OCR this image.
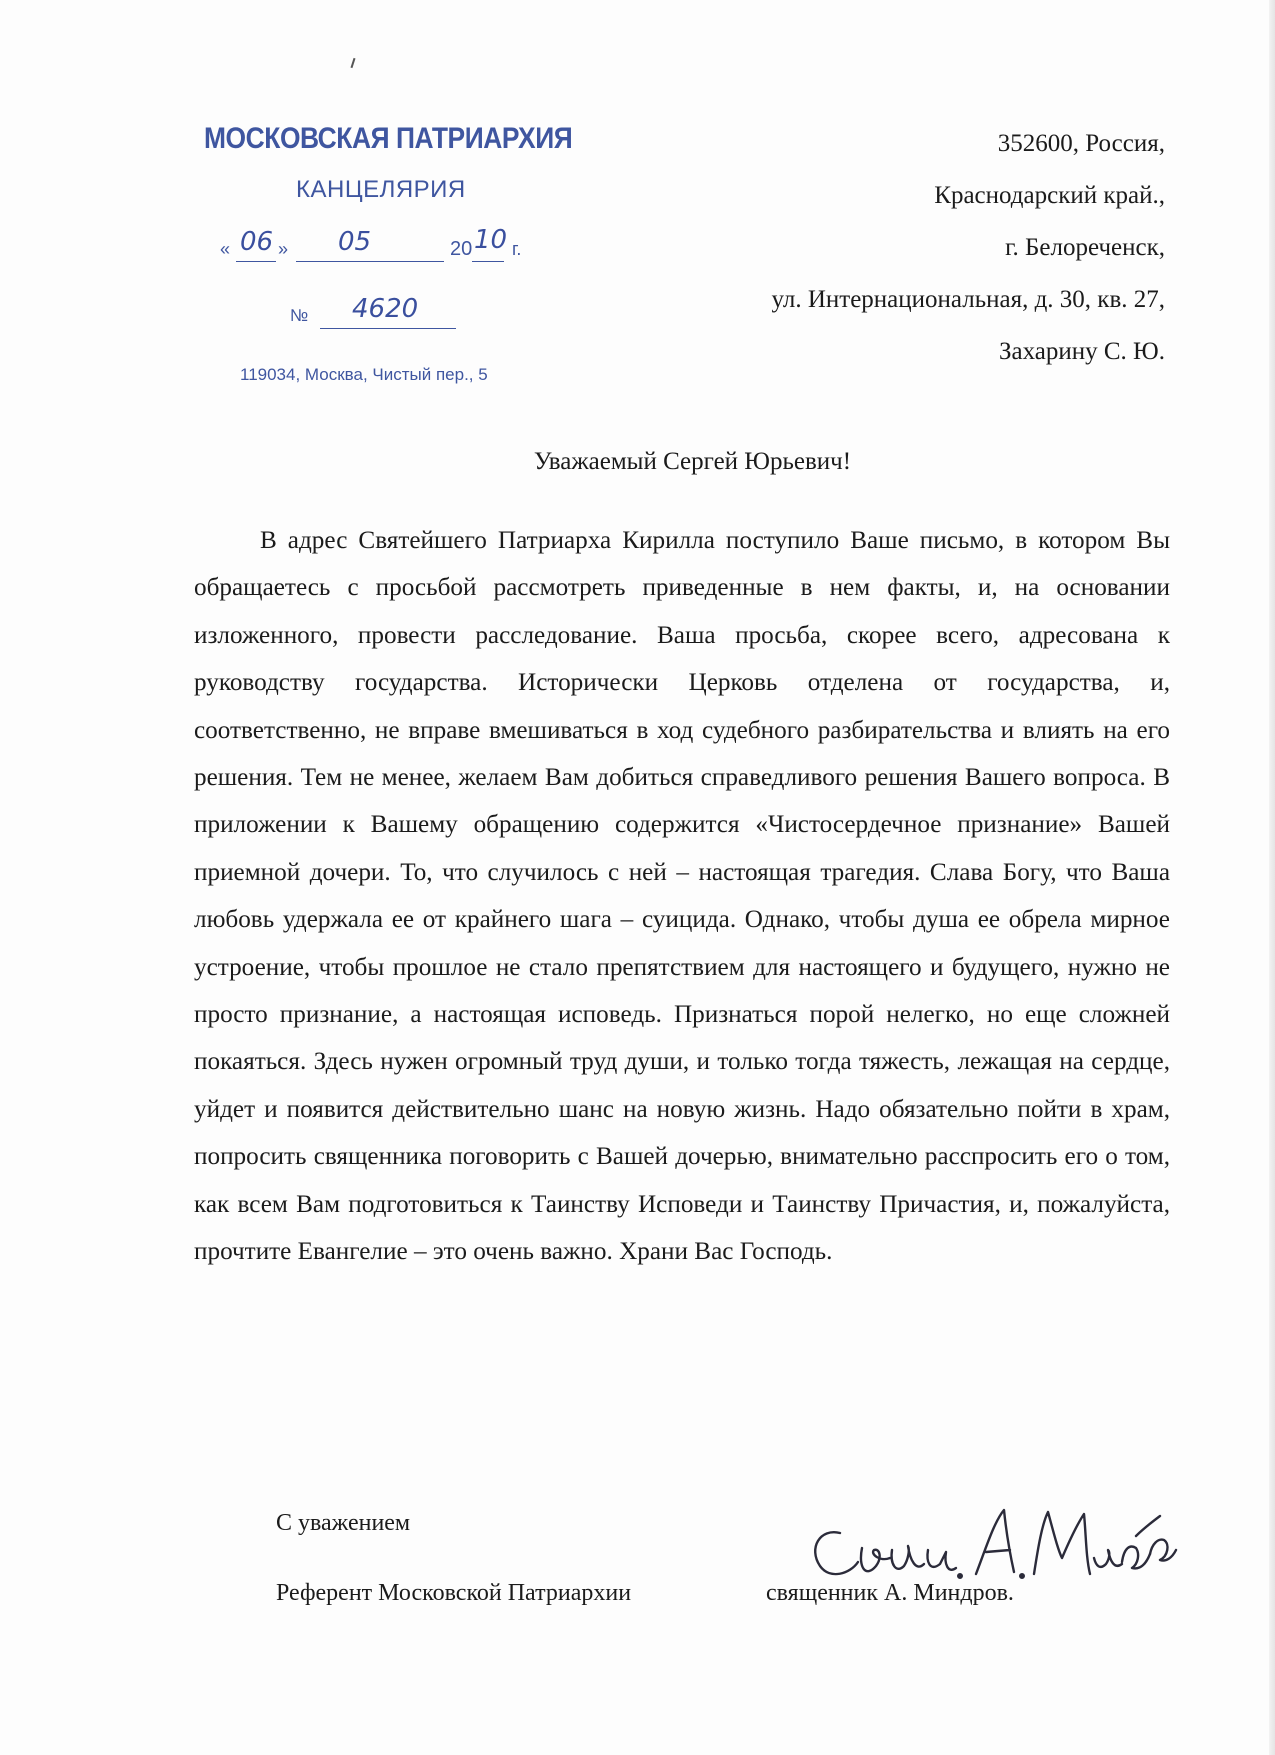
МОСКОВСКАЯ ПАТРИАРХИЯ
КАНЦЕЛЯРИЯ
« 06 » 05	20 10 г.
№ 4620
119034, Москва, Чистый пер., 5
352600, Россия,
Краснодарский край.,
г. Белореченск,
ул. Интернациональная, д. 30, кв. 27,
Захарину С. Ю.
Уважаемый Сергей Юрьевич!

В адрес Святейшего Патриарха Кирилла поступило Ваше письмо, в котором Вы обращаетесь с просьбой рассмотреть приведенные в нем факты, и, на основании изложенного, провести расследование. Ваша просьба, скорее всего, адресована к руководству государства. Исторически Церковь отделена от государства, и, соответственно, не вправе вмешиваться в ход судебного разбирательства и влиять на его решения. Тем не менее, желаем Вам добиться справедливого решения Вашего вопроса. В приложении к Вашему обращению содержится «Чистосердечное признание» Вашей приемной дочери. То, что случилось с ней – настоящая трагедия. Слава Богу, что Ваша любовь удержала ее от крайнего шага – суицида. Однако, чтобы душа ее обрела мирное устроение, чтобы прошлое не стало препятствием для настоящего и будущего, нужно не просто признание, а настоящая исповедь. Признаться порой нелегко, но еще сложней покаяться. Здесь нужен огромный труд души, и только тогда тяжесть, лежащая на сердце, уйдет и появится действительно шанс на новую жизнь. Надо обязательно пойти в храм, попросить священника поговорить с Вашей дочерью, внимательно расспросить его о том, как всем Вам подготовиться к Таинству Исповеди и Таинству Причастия, и, пожалуйста, прочтите Евангелие – это очень важно. Храни Вас Господь.

С уважением
Референт Московской Патриархии	священник А. Миндров.
